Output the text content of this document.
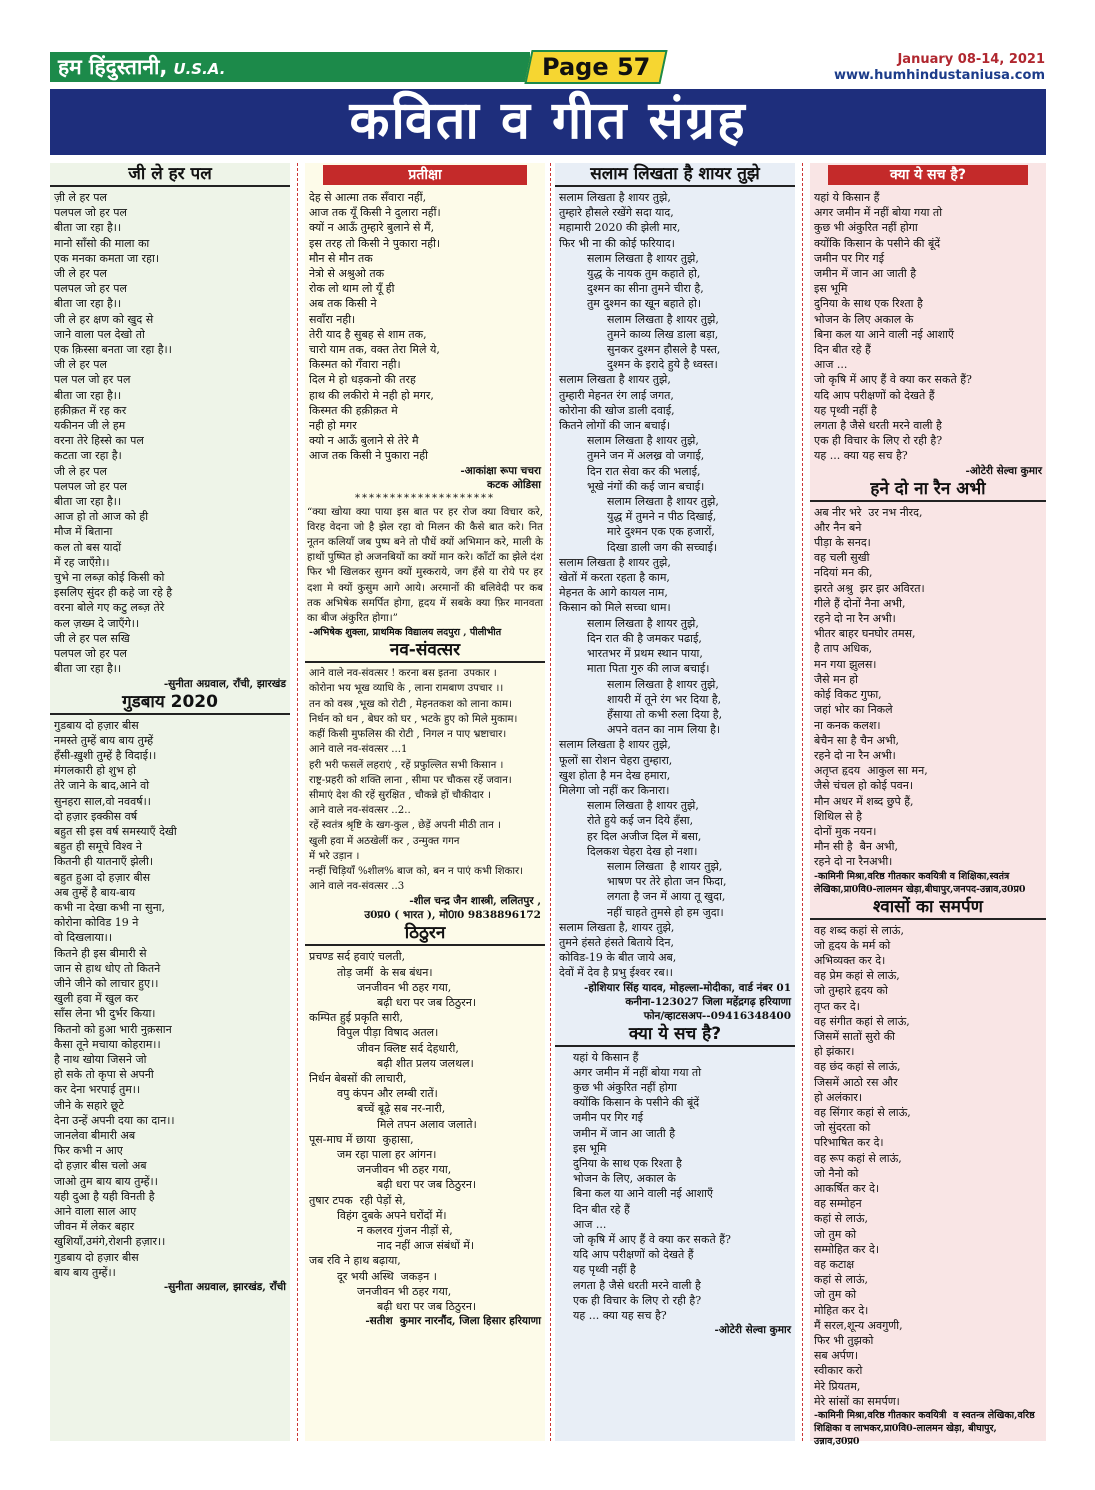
हम हिंदुस्तानी, U.S.A.	Page 57	January 08-14, 2021
www.humhindustaniusa.com
कविता व गीत संग्रह
जी ले हर पल
ज़ी ले हर पल
पलपल जो हर पल
बीता जा रहा है।।
मानो साँसो की माला का
एक मनका कमता जा रहा।
जी ले हर पल
पलपल जो हर पल
बीता जा रहा है।।
जी ले हर क्षण को खुद से
जाने वाला पल देखो तो
एक क़िस्सा बनता जा रहा है।।
जी ले हर पल
पल पल जो हर पल
बीता जा रहा है।।
हक़ीक़त में रह कर
यकीनन जी ले हम
वरना तेरे हिस्से का पल
कटता जा रहा है।
जी ले हर पल
पलपल जो हर पल
बीता जा रहा है।।
आज हो तो आज को ही
मौज में बिताना
कल तो बस यादों
में रह जाएँग़े।।
चुभे ना लब्ज़ कोई किसी को
इसलिए सुंदर ही कहे जा रहे है
वरना बोले गए कटु लब्ज़ तेरे
कल ज़ख्म दे जाएँगे।।
जी ले हर पल सखि
पलपल जो हर पल
बीता जा रहा है।।
-सुनीता अग्रवाल, राँची, झारखंड
गुडबाय 2020
गुडबाय दो हज़ार बीस
नमस्ते तुम्हें बाय बाय तुम्हें
हँसी-ख़ुशी तुम्हें है विदाई।।
मंगलकारी हो शुभ हो
तेरे जाने के बाद,आने वो
सुनहरा साल,वो नववर्ष।।
दो हज़ार इक्कीस वर्ष
बहुत सी इस वर्ष समस्याएँ देखी
बहुत ही समूचे विश्व ने
कितनी ही यातनाएँ झेली।
बहुत हुआ दो हज़ार बीस
अब तुम्हें है बाय-बाय
कभी ना देखा कभी ना सुना,
कोरोना कोविड 19 ने
वो दिखलाया।।
कितने ही इस बीमारी से
जान से हाथ धोए तो कितने
जीने जीने को लाचार हुए।।
खुली हवा में खुल कर
साँस लेना भी दुर्भर किया।
कितनो को हुआ भारी नुक़सान
कैसा तूने मचाया कोहराम।।
है नाथ खोया जिसने जो
हो सके तो कृपा से अपनी
कर देना भरपाई तुम।।
जीने के सहारे छूटे
देना उन्हें अपनी दया का दान।।
जानलेवा बीमारी अब
फिर कभी न आए
दो हज़ार बीस चलो अब
जाओ तुम बाय बाय तुम्हें।।
यही दुआ है यही विनती है
आने वाला साल आए
जीवन में लेकर बहार
खुशियाँ,उमंगे,रोशनी हज़ार।।
गुडबाय दो हज़ार बीस
बाय बाय तुम्हें।।
-सुनीता अग्रवाल, झारखंड, राँची
प्रतीक्षा
देह से आत्मा तक सँवारा नहीं,
आज तक यूँ किसी ने दुलारा नहीं।
क्यों न आऊँ तुम्हारे बुलाने से मैं,
इस तरह तो किसी ने पुकारा नही।
मौन से मौन तक
नेत्रो से अश्रुओ तक
रोक लो थाम लो यूँ ही
अब तक किसी ने
सवाँरा नही।
तेरी याद है सुबह से शाम तक,
चारो याम तक, वक्त तेरा मिले ये,
किस्मत को गँवारा नही।
दिल मे हो धड़कनो की तरह
हाथ की लकीरो मे नही हो मगर,
किस्मत की हक़ीक़त मे
नही हो मगर
क्यो न आऊँ बुलाने से तेरे मै
आज तक किसी ने पुकारा नही
-आकांक्षा रूपा चचरा
कटक ओडिसा
********************
“क्या खोया क्या पाया इस बात पर हर रोज क्या विचार करे, विरह वेदना जो है झेल रहा वो मिलन की कैसे बात करे। नित नूतन कलियाँ जब पुष्प बने तो पौधें क्यों अभिमान करे, माली के हाथों पुष्पित हो अजनबियों का क्यों मान करे। काँटों का झेले दंश फिर भी खिलकर सुमन क्यों मुस्कराये, जग हँसे या रोये पर हर दशा मे क्यों कुसुम आगे आये। अरमानों की बलिवेदी पर कब तक अभिषेक समर्पित होगा, हृदय में सबके क्या फ़िर मानवता का बीज अंकुरित होगा।”
-अभिषेक शुक्ला, प्राथमिक विद्यालय लदपुरा , पीलीभीत
नव-संवत्सर
आने वाले नव-संवत्सर ! करना बस इतना  उपकार ।
कोरोना भय भूख व्याधि के , लाना रामबाण उपचार ।।
तन को वस्त्र ,भूख को रोटी , मेहनतकश को लाना काम।
निर्धन को धन , बेघर को घर , भटके हुए को मिले मुकाम।
कहीं किसी मुफलिस की रोटी , निगल न पाए भ्रष्टाचार।
आने वाले नव-संवत्सर ...1
हरी भरी फसलें लहराएं , रहें प्रफुल्लित सभी किसान ।
राष्ट्र-प्रहरी को शक्ति लाना , सीमा पर चौकस रहें जवान।
सीमाएं देश की रहें सुरक्षित , चौकन्ने हों चौकीदार ।
आने वाले नव-संवत्सर ..2..
रहें स्वतंत्र श्रृष्टि के खग-कुल , छेड़ें अपनी मीठी तान ।
खुली हवा में अठखेलीं कर , उन्मुक्त गगन
में भरे उड़ान ।
नन्हीं चिड़ियाँ %शील% बाज को, बन न पाएं कभी शिकार।
आने वाले नव-संवत्सर ..3
-शील चन्द्र जैन शास्त्री, ललितपुर ,
उ0प्र0 ( भारत ), मो0ा0 9838896172
ठिठुरन
प्रचण्ड सर्द हवाएं चलती,
तोड़ जमीं  के सब बंधन।
जनजीवन भी ठहर गया,
बढ़ी धरा पर जब ठिठुरन।
कम्पित हुई प्रकृति सारी,
विपुल पीड़ा विषाद अतल।
जीवन क्लिष्ट सर्द देहधारी,
बढ़ी शीत प्रलय जलथल।
निर्धन बेबसों की लाचारी,
वपु कंपन और लम्बी रातें।
बच्चें बूढ़े सब नर-नारी,
मिले तपन अलाव जलाते।
पूस-माघ में छाया  कुहासा,
जम रहा पाला हर आंगन।
जनजीवन भी ठहर गया,
बढ़ी धरा पर जब ठिठुरन।
तुषार टपक  रही पेड़ों से,
विहंग दुबके अपने घरोंदों में।
न कलरव गुंजन नीड़ों से,
नाद नहीं आज संबंधों में।
जब रवि ने हाथ बढ़ाया,
दूर भयी अस्थि  जकड़न ।
जनजीवन भी ठहर गया,
बढ़ी धरा पर जब ठिठुरन।
-सतीश  कुमार नारनौंद, जिला हिसार हरियाणा
सलाम लिखता है शायर तुझे
सलाम लिखता है शायर तुझे,
तुम्हारे हौसले रखेंगे सदा याद,
महामारी 2020 की झेली मार,
फिर भी ना की कोई फरियाद।
सलाम लिखता है शायर तुझे,
युद्ध के नायक तुम कहाते हो,
दुश्मन का सीना तुमने चीरा है,
तुम दुश्मन का खून बहाते हो।
सलाम लिखता है शायर तुझे,
तुमने काव्य लिख डाला बड़ा,
सुनकर दुश्मन हौसले है पस्त,
दुश्मन के इरादे हुये है ध्वस्त।
सलाम लिखता है शायर तुझे,
तुम्हारी मेहनत रंग लाई जगत,
कोरोना की खोज डाली दवाई,
कितने लोगों की जान बचाई।
सलाम लिखता है शायर तुझे,
तुमने जन में अलख्र वो जगाई,
दिन रात सेवा कर की भलाई,
भूखे नंगों की कई जान बचाई।
सलाम लिखता है शायर तुझे,
युद्ध में तुमने न पीठ दिखाई,
मारे दुश्मन एक एक हजारों,
दिखा डाली जग की सच्चाई।
सलाम लिखता है शायर तुझे,
खेतों में करता रहता है काम,
मेहनत के आगे कायल नाम,
किसान को मिले सच्चा धाम।
सलाम लिखता है शायर तुझे,
दिन रात की है जमकर पढाई,
भारतभर में प्रथम स्थान पाया,
माता पिता गुरु की लाज बचाई।
सलाम लिखता है शायर तुझे,
शायरी में तूने रंग भर दिया है,
हँसाया तो कभी रुला दिया है,
अपने वतन का नाम लिया है।
सलाम लिखता है शायर तुझे,
फूलों सा रोशन चेहरा तुम्हारा,
खुश होता है मन देख हमारा,
मिलेगा जो नहीं कर किनारा।
सलाम लिखता है शायर तुझे,
रोते हुये कई जन दिये हँसा,
हर दिल अजीज दिल में बसा,
दिलकश चेहरा देख हो नशा।
सलाम लिखता  है शायर तुझे,
भाषण पर तेरे होता जन फिदा,
लगता है जन में आया तू खुदा,
नहीं चाहते तुमसे हो हम जुदा।
सलाम लिखता है, शायर तुझे,
तुमने हंसते हंसते बिताये दिन,
कोविड-19 के बीत जाये अब,
देवों में देव है प्रभु ईश्वर रब।।
-होशियार सिंह यादव, मोहल्ला-मोदीका, वार्ड नंबर 01
कनीना-123027 जिला महेंद्रगढ़ हरियाणा
फोन/व्हाटसअप--09416348400
क्या ये सच है?
यहां ये किसान हैं
अगर जमीन में नहीं बोया गया तो
कुछ भी अंकुरित नहीं होगा
क्योंकि किसान के पसीने की बूंदें
जमीन पर गिर गई
जमीन में जान आ जाती है
इस भूमि
दुनिया के साथ एक रिश्ता है
भोजन के लिए, अकाल के
बिना कल या आने वाली नई आशाएँ
दिन बीत रहे हैं
आज ...
जो कृषि में आए हैं वे क्या कर सकते हैं?
यदि आप परीक्षणों को देखते हैं
यह पृथ्वी नहीं है
लगता है जैसे धरती मरने वाली है
एक ही विचार के लिए रो रही है?
यह ... क्या यह सच है?
-ओटेरी सेल्वा कुमार
क्या ये सच है?
यहां ये किसान हैं
अगर जमीन में नहीं बोया गया तो
कुछ भी अंकुरित नहीं होगा
क्योंकि किसान के पसीने की बूंदें
जमीन पर गिर गई
जमीन में जान आ जाती है
इस भूमि
दुनिया के साथ एक रिश्ता है
भोजन के लिए अकाल के
बिना कल या आने वाली नई आशाएँ
दिन बीत रहे हैं
आज ...
जो कृषि में आए हैं वे क्या कर सकते हैं?
यदि आप परीक्षणों को देखते हैं
यह पृथ्वी नहीं है
लगता है जैसे धरती मरने वाली है
एक ही विचार के लिए रो रही है?
यह ... क्या यह सच है?
-ओटेरी सेल्वा कुमार
हने दो ना रैन अभी
अब नीर भरे  उर नभ नीरद,
और नैन बने
पीड़ा के सनद।
वह चली सुखी
नदियां मन की,
झरते अश्रु  झर झर अविरत।
गीले हैं दोनों नैना अभी,
रहने दो ना रैन अभी।
भीतर बाहर घनघोर तमस,
है ताप अधिक,
मन गया झुलस।
जैसे मन हो
कोई विकट गुफा,
जहां भोर का निकले
ना कनक कलश।
बेचैन सा है चैन अभी,
रहने दो ना रैन अभी।
अतृप्त हृदय  आकुल सा मन,
जैसे चंचल हो कोई पवन।
मौन अधर में शब्द छुपे हैं,
शिथिल से है
दोनों मुक नयन।
मौन सी है  बैन अभी,
रहने दो ना रैनअभी।
-कामिनी मिश्रा,वरिष्ठ गीतकार कवयित्री व शिक्षिका,स्वतंत्र लेखिका,प्रा0वि0-लालमन खेड़ा,बीघापुर,जनपद-उन्नाव,उ0प्र0
श्वासों का समर्पण
वह शब्द कहां से लाऊं,
जो हृदय के मर्म को
अभिव्यक्त कर दे।
वह प्रेम कहां से लाऊं,
जो तुम्हारे हृदय को
तृप्त कर दे।
वह संगीत कहां से लाऊं,
जिसमें सातों सुरो की
हो झंकार।
वह छंद कहां से लाऊं,
जिसमें आठो रस और
हो अलंकार।
वह सिंगार कहां से लाऊं,
जो सुंदरता को
परिभाषित कर दे।
वह रूप कहां से लाऊं,
जो नैनो को
आकर्षित कर दे।
वह सम्मोहन
कहां से लाऊं,
जो तुम को
सम्मोहित कर दे।
वह कटाक्ष
कहां से लाऊं,
जो तुम को
मोहित कर दे।
मैं सरल,शून्य अवगुणी,
फिर भी तुझको
सब अर्पण।
स्वीकार करो
मेरे प्रियतम,
मेरे सांसों का समर्पण।
-कामिनी मिश्रा,वरिष्ठ गीतकार कवयित्री  व स्वतन्त्र लेखिका,वरिष्ठ शिक्षिका व लाभकर,प्रा0वि0-लालमन खेड़ा, बीघापुर, उन्नाव,उ0प्र0
